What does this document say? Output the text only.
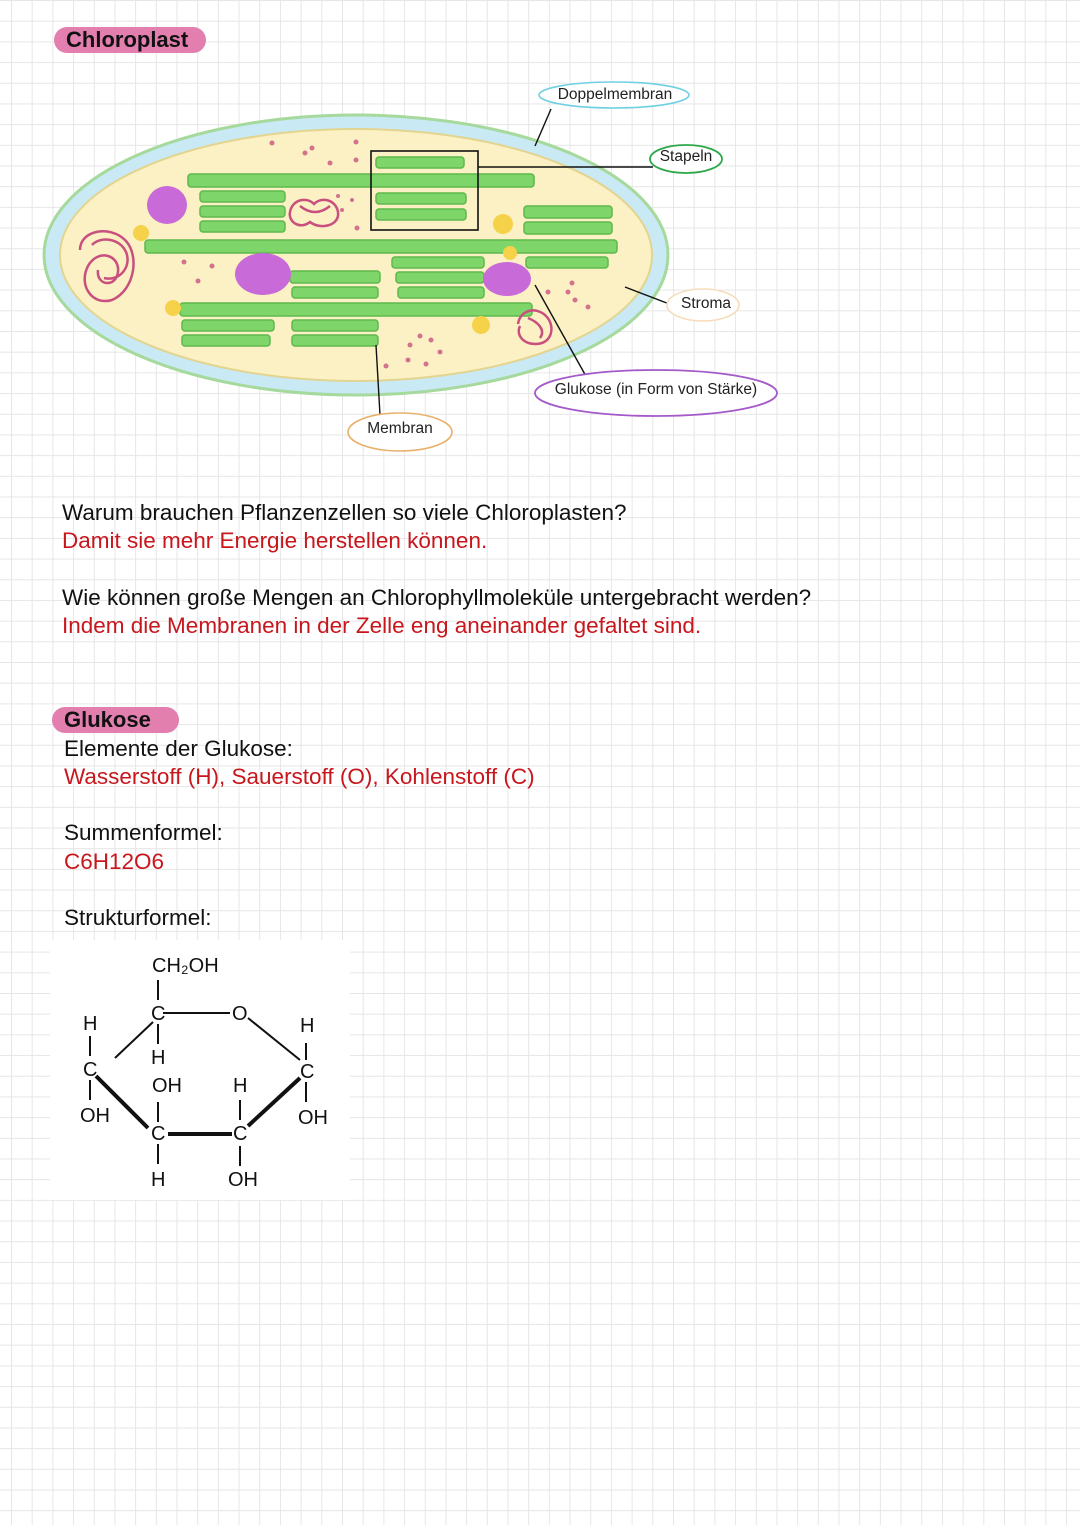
Chloroplast
Doppelmembran
Stapeln
Stroma
Glukose (in Form von Stärke)
Membran
Warum brauchen Pflanzenzellen so viele Chloroplasten?
Damit sie mehr Energie herstellen können.
Wie können große Mengen an Chlorophyllmoleküle untergebracht werden?
Indem die Membranen in der Zelle eng aneinander gefaltet sind.
Glukose
Elemente der Glukose:
Wasserstoff (H), Sauerstoff (O), Kohlenstoff (C)
Summenformel:
C6H12O6
Strukturformel:
CH₂OH
C	O
H
C
OH
H
OH	H
H
C
OH
C	C
H	OH
